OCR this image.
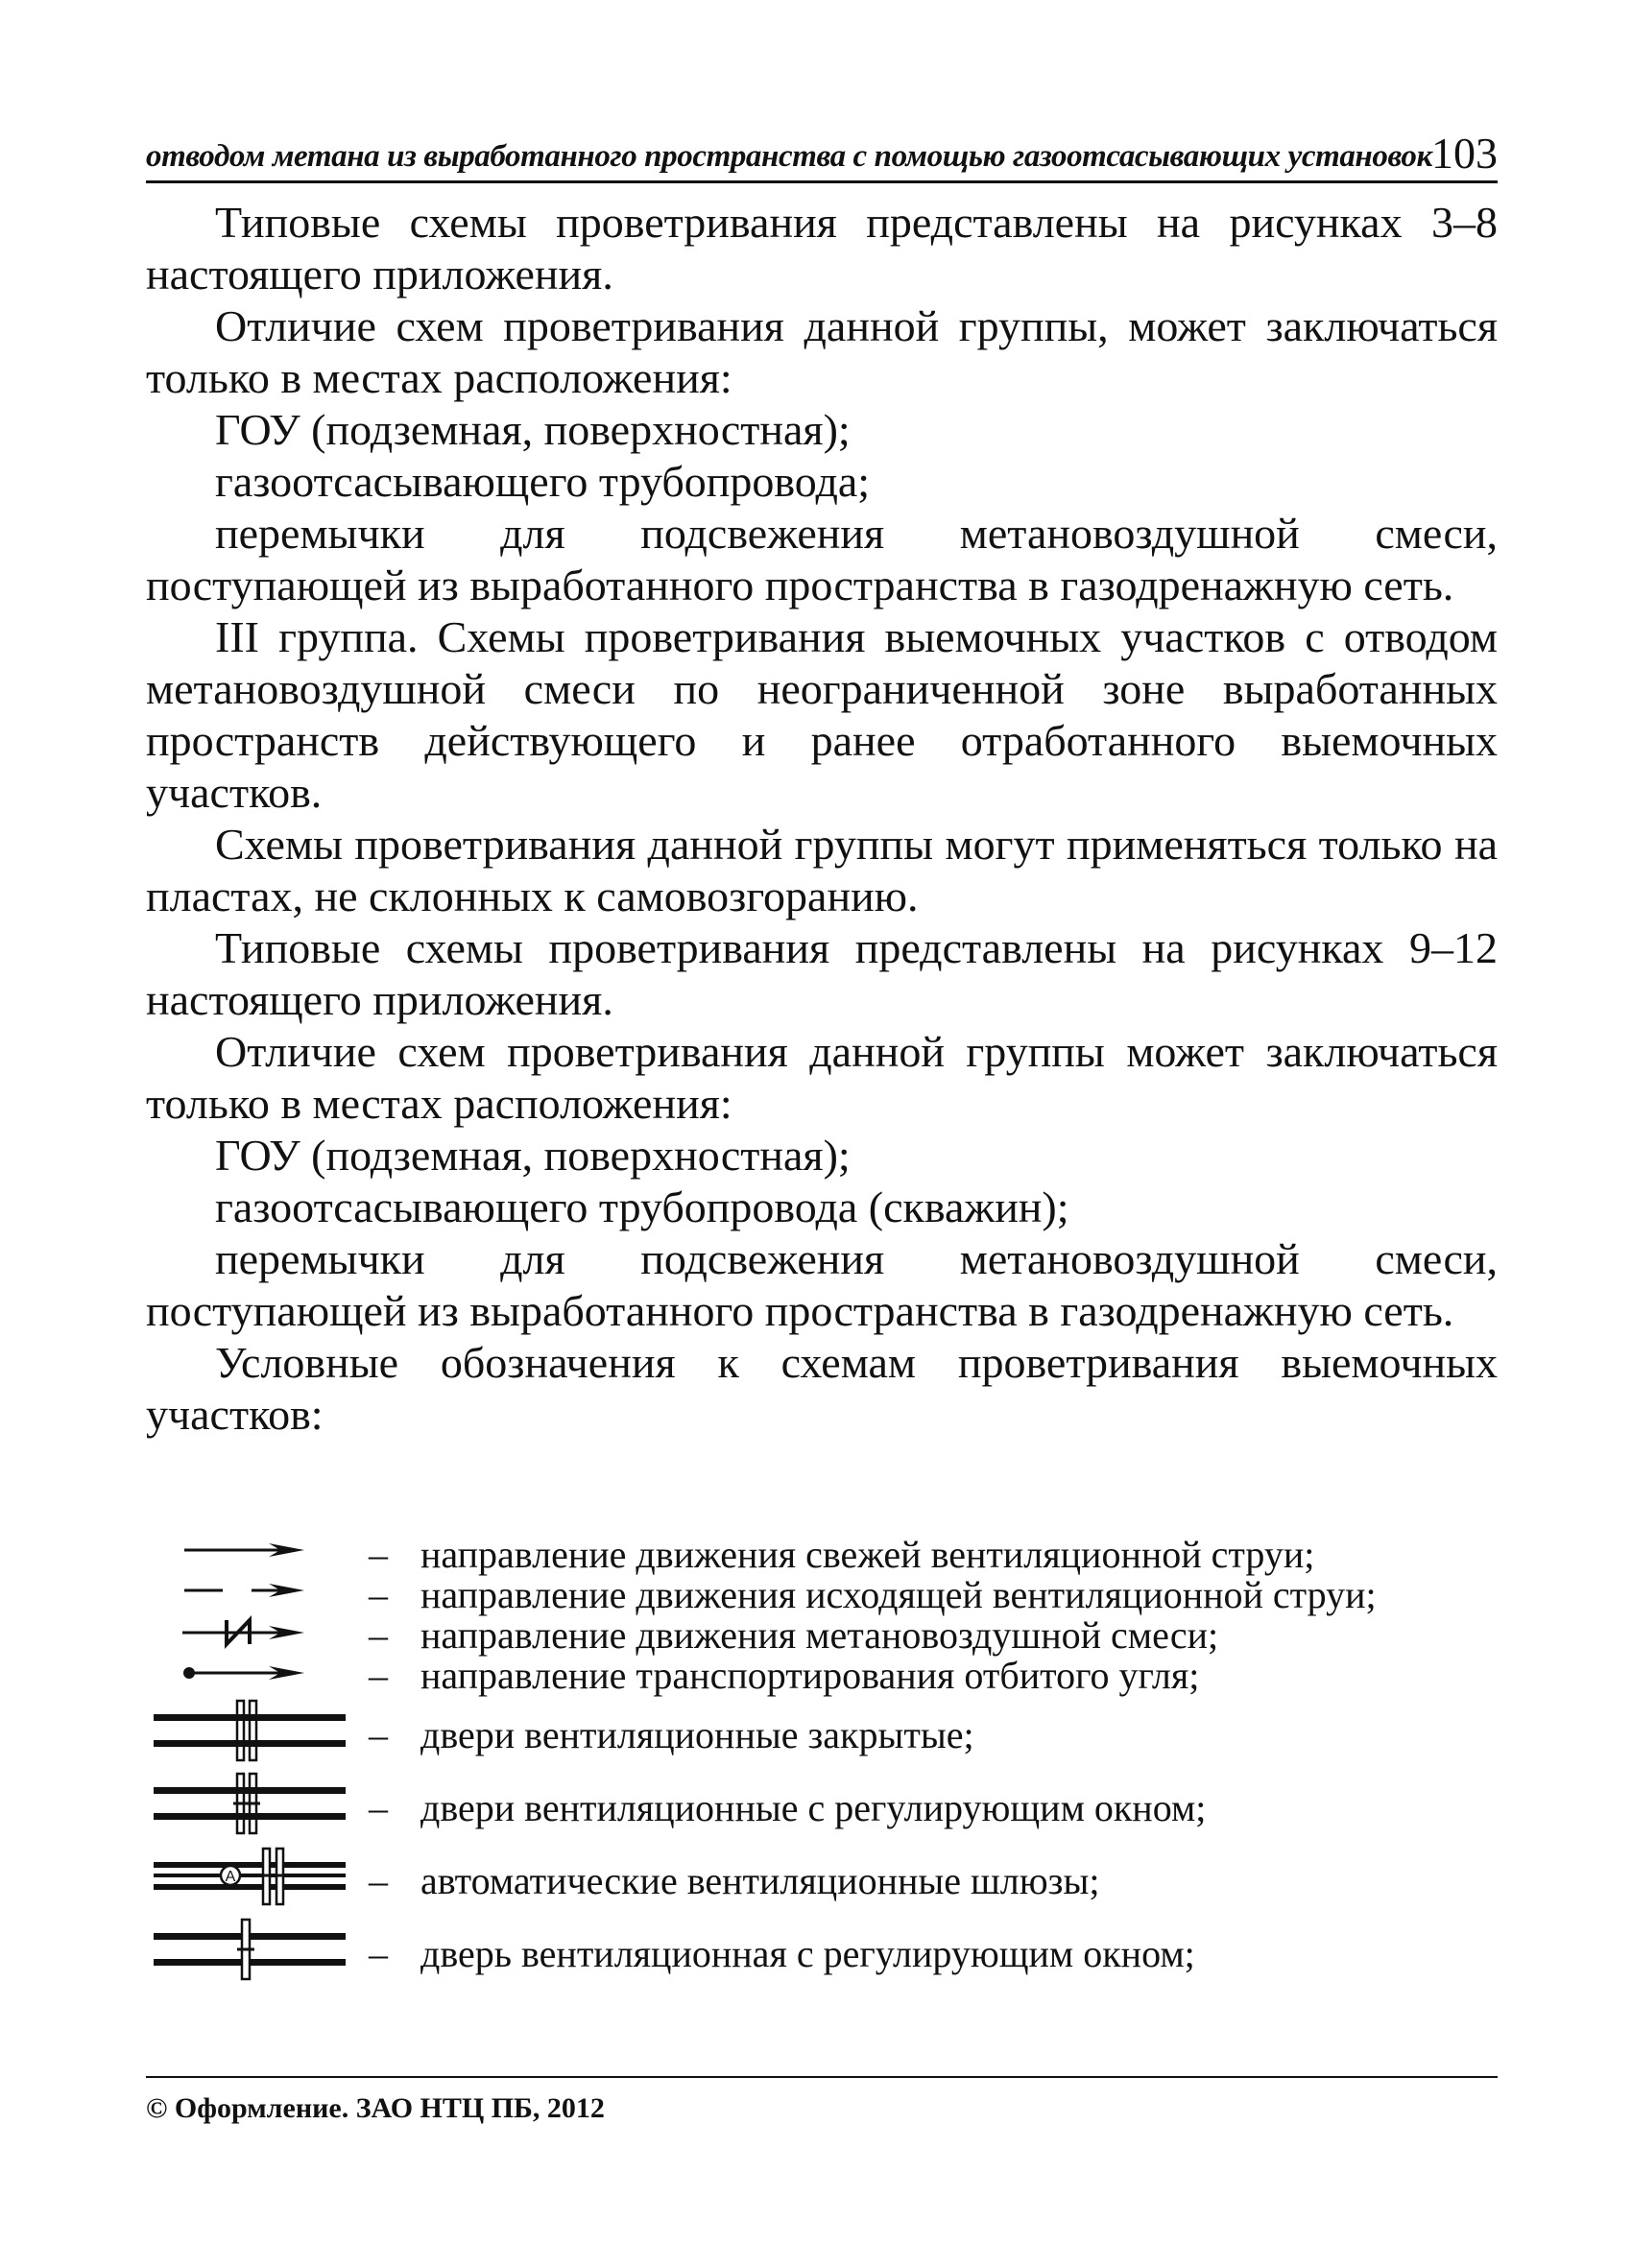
отводом метана из выработанного пространства с помощью газоотсасывающих установок 103

Типовые схемы проветривания представлены на рисунках 3–8 настоящего приложения.

Отличие схем проветривания данной группы, может заключаться только в местах расположения:

ГОУ (подземная, поверхностная);

газоотсасывающего трубопровода;

перемычки для подсвежения метановоздушной смеси, поступающей из выработанного пространства в газодренажную сеть.

III группа. Схемы проветривания выемочных участков с отводом метановоздушной смеси по неограниченной зоне выработанных пространств действующего и ранее отработанного выемочных участков.

Схемы проветривания данной группы могут применяться только на пластах, не склонных к самовозгоранию.

Типовые схемы проветривания представлены на рисунках 9–12 настоящего приложения.

Отличие схем проветривания данной группы может заключаться только в местах расположения:

ГОУ (подземная, поверхностная);

газоотсасывающего трубопровода (скважин);

перемычки для подсвежения метановоздушной смеси, поступающей из выработанного пространства в газодренажную сеть.

Условные обозначения к схемам проветривания выемочных участков:

– направление движения свежей вентиляционной струи;
– направление движения исходящей вентиляционной струи;
– направление движения метановоздушной смеси;
– направление транспортирования отбитого угля;
– двери вентиляционные закрытые;
– двери вентиляционные с регулирующим окном;
А	– автоматические вентиляционные шлюзы;
– дверь вентиляционная с регулирующим окном;
© Оформление. ЗАО НТЦ ПБ, 2012
